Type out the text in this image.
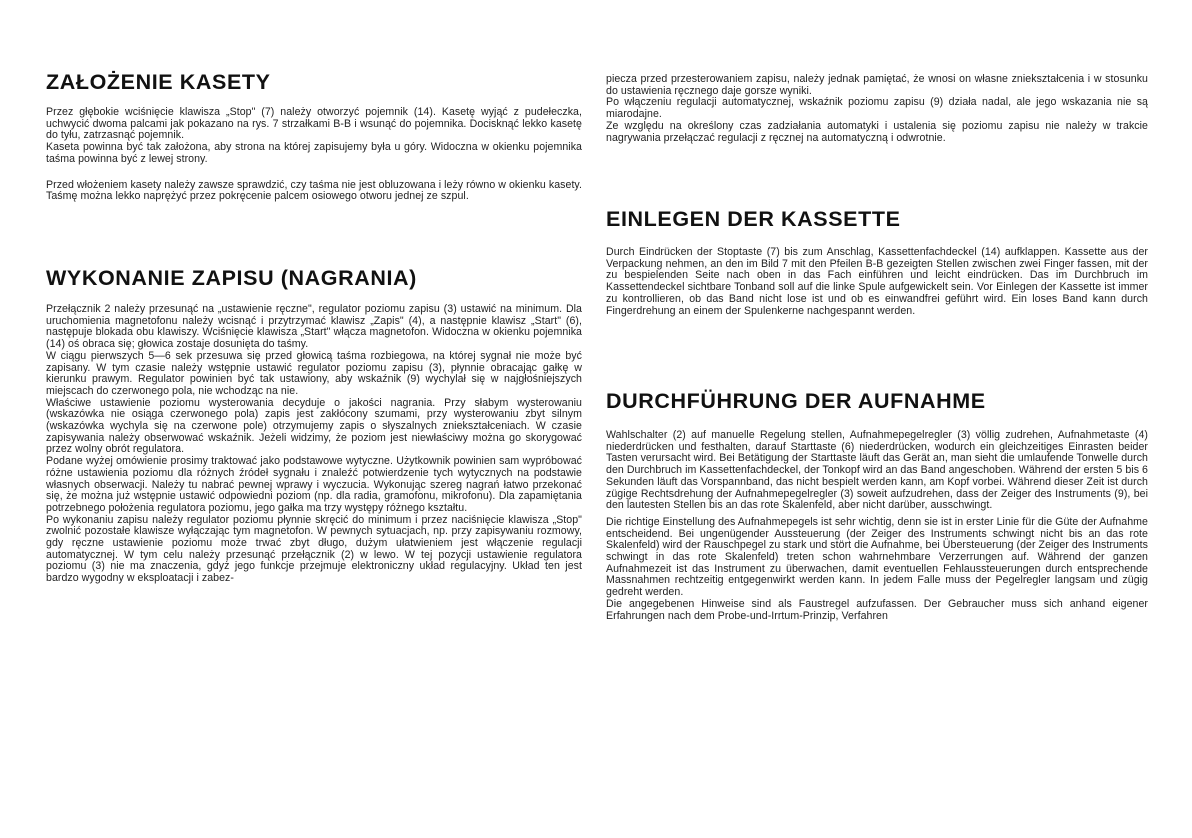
ZAŁOŻENIE KASETY

Przez głębokie wciśnięcie klawisza „Stop" (7) należy otworzyć pojemnik (14). Kasetę wyjąć z pudełeczka, uchwycić dwoma palcami jak pokazano na rys. 7 strzałkami B-B i wsunąć do pojemnika. Docisknąć lekko kasetę do tyłu, zatrzasnąć pojemnik.

Kaseta powinna być tak założona, aby strona na której zapisujemy była u góry. Widoczna w okienku pojemnika taśma powinna być z lewej strony.

Przed włożeniem kasety należy zawsze sprawdzić, czy taśma nie jest obluzowana i leży równo w okienku kasety. Taśmę można lekko naprężyć przez pokręcenie palcem osiowego otworu jednej ze szpul.

WYKONANIE ZAPISU (NAGRANIA)

Przełącznik 2 należy przesunąć na „ustawienie ręczne", regulator poziomu zapisu (3) ustawić na minimum. Dla uruchomienia magnetofonu należy wcisnąć i przytrzymać klawisz „Zapis" (4), a następnie klawisz „Start" (6), następuje blokada obu klawiszy. Wciśnięcie klawisza „Start" włącza magnetofon. Widoczna w okienku pojemnika (14) oś obraca się; głowica zostaje dosunięta do taśmy.

W ciągu pierwszych 5—6 sek przesuwa się przed głowicą taśma rozbiegowa, na której sygnał nie może być zapisany. W tym czasie należy wstępnie ustawić regulator poziomu zapisu (3), płynnie obracając gałkę w kierunku prawym. Regulator powinien być tak ustawiony, aby wskaźnik (9) wychylał się w najgłośniejszych miejscach do czerwonego pola, nie wchodząc na nie.

Właściwe ustawienie poziomu wysterowania decyduje o jakości nagrania. Przy słabym wysterowaniu (wskazówka nie osiąga czerwonego pola) zapis jest zakłócony szumami, przy wysterowaniu zbyt silnym (wskazówka wychyla się na czerwone pole) otrzymujemy zapis o słyszalnych zniekształceniach. W czasie zapisywania należy obserwować wskaźnik. Jeżeli widzimy, że poziom jest niewłaściwy można go skorygować przez wolny obrót regulatora.

Podane wyżej omówienie prosimy traktować jako podstawowe wytyczne. Użytkownik powinien sam wypróbować różne ustawienia poziomu dla różnych źródeł sygnału i znaleźć potwierdzenie tych wytycznych na podstawie własnych obserwacji. Należy tu nabrać pewnej wprawy i wyczucia. Wykonując szereg nagrań łatwo przekonać się, że można już wstępnie ustawić odpowiedni poziom (np. dla radia, gramofonu, mikrofonu). Dla zapamiętania potrzebnego położenia regulatora poziomu, jego gałka ma trzy występy różnego kształtu.

Po wykonaniu zapisu należy regulator poziomu płynnie skręcić do minimum i przez naciśnięcie klawisza „Stop" zwolnić pozostałe klawisze wyłączając tym magnetofon. W pewnych sytuacjach, np. przy zapisywaniu rozmowy, gdy ręczne ustawienie poziomu może trwać zbyt długo, dużym ułatwieniem jest włączenie regulacji automatycznej. W tym celu należy przesunąć przełącznik (2) w lewo. W tej pozycji ustawienie regulatora poziomu (3) nie ma znaczenia, gdyż jego funkcje przejmuje elektroniczny układ regulacyjny. Układ ten jest bardzo wygodny w eksploatacji i zabez-

piecza przed przesterowaniem zapisu, należy jednak pamiętać, że wnosi on własne zniekształcenia i w stosunku do ustawienia ręcznego daje gorsze wyniki.

Po włączeniu regulacji automatycznej, wskaźnik poziomu zapisu (9) działa nadal, ale jego wskazania nie są miarodajne.

Ze względu na określony czas zadziałania automatyki i ustalenia się poziomu zapisu nie należy w trakcie nagrywania przełączać regulacji z ręcznej na automatyczną i odwrotnie.

EINLEGEN DER KASSETTE

Durch Eindrücken der Stoptaste (7) bis zum Anschlag, Kassettenfachdeckel (14) aufklappen. Kassette aus der Verpackung nehmen, an den im Bild 7 mit den Pfeilen B-B gezeigten Stellen zwischen zwei Finger fassen, mit der zu bespielenden Seite nach oben in das Fach einführen und leicht eindrücken. Das im Durchbruch im Kassettendeckel sichtbare Tonband soll auf die linke Spule aufgewickelt sein. Vor Einlegen der Kassette ist immer zu kontrollieren, ob das Band nicht lose ist und ob es einwandfrei geführt wird. Ein loses Band kann durch Fingerdrehung an einem der Spulenkerne nachgespannt werden.

DURCHFÜHRUNG DER AUFNAHME

Wahlschalter (2) auf manuelle Regelung stellen, Aufnahmepegelregler (3) völlig zudrehen, Aufnahmetaste (4) niederdrücken und festhalten, darauf Starttaste (6) niederdrücken, wodurch ein gleichzeitiges Einrasten beider Tasten verursacht wird. Bei Betätigung der Starttaste läuft das Gerät an, man sieht die umlaufende Tonwelle durch den Durchbruch im Kassettenfachdeckel, der Tonkopf wird an das Band angeschoben. Während der ersten 5 bis 6 Sekunden läuft das Vorspannband, das nicht bespielt werden kann, am Kopf vorbei. Während dieser Zeit ist durch zügige Rechtsdrehung der Aufnahmepegelregler (3) soweit aufzudrehen, dass der Zeiger des Instruments (9), bei den lautesten Stellen bis an das rote Skalenfeld, aber nicht darüber, ausschwingt.

Die richtige Einstellung des Aufnahmepegels ist sehr wichtig, denn sie ist in erster Linie für die Güte der Aufnahme entscheidend. Bei ungenügender Aussteuerung (der Zeiger des Instruments schwingt nicht bis an das rote Skalenfeld) wird der Rauschpegel zu stark und stört die Aufnahme, bei Übersteuerung (der Zeiger des Instruments schwingt in das rote Skalenfeld) treten schon wahrnehmbare Verzerrungen auf. Während der ganzen Aufnahmezeit ist das Instrument zu überwachen, damit eventuellen Fehlaussteuerungen durch entsprechende Massnahmen rechtzeitig entgegenwirkt werden kann. In jedem Falle muss der Pegelregler langsam und zügig gedreht werden.

Die angegebenen Hinweise sind als Faustregel aufzufassen. Der Gebraucher muss sich anhand eigener Erfahrungen nach dem Probe-und-Irrtum-Prinzip, Verfahren
